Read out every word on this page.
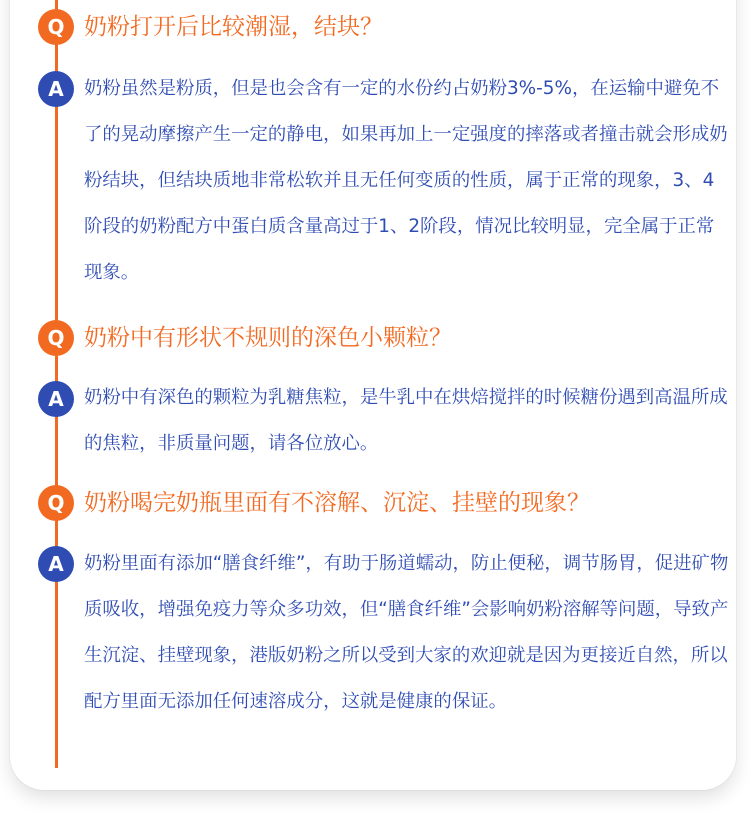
Q 奶粉打开后比较潮湿，结块？
A	奶粉虽然是粉质，但是也会含有一定的水份约占奶粉3%-5%，在运输中避免不了的晃动摩擦产生一定的静电，如果再加上一定强度的摔落或者撞击就会形成奶粉结块，但结块质地非常松软并且无任何变质的性质，属于正常的现象，3、4阶段的奶粉配方中蛋白质含量高过于1、2阶段，情况比较明显，完全属于正常现象。

Q 奶粉中有形状不规则的深色小颗粒？
A	奶粉中有深色的颗粒为乳糖焦粒，是牛乳中在烘焙搅拌的时候糖份遇到高温所成的焦粒，非质量问题，请各位放心。

Q 奶粉喝完奶瓶里面有不溶解、沉淀、挂壁的现象？
A	奶粉里面有添加“膳食纤维”，有助于肠道蠕动，防止便秘，调节肠胃，促进矿物质吸收，增强免疫力等众多功效，但“膳食纤维”会影响奶粉溶解等问题，导致产生沉淀、挂壁现象，港版奶粉之所以受到大家的欢迎就是因为更接近自然，所以配方里面无添加任何速溶成分，这就是健康的保证。
